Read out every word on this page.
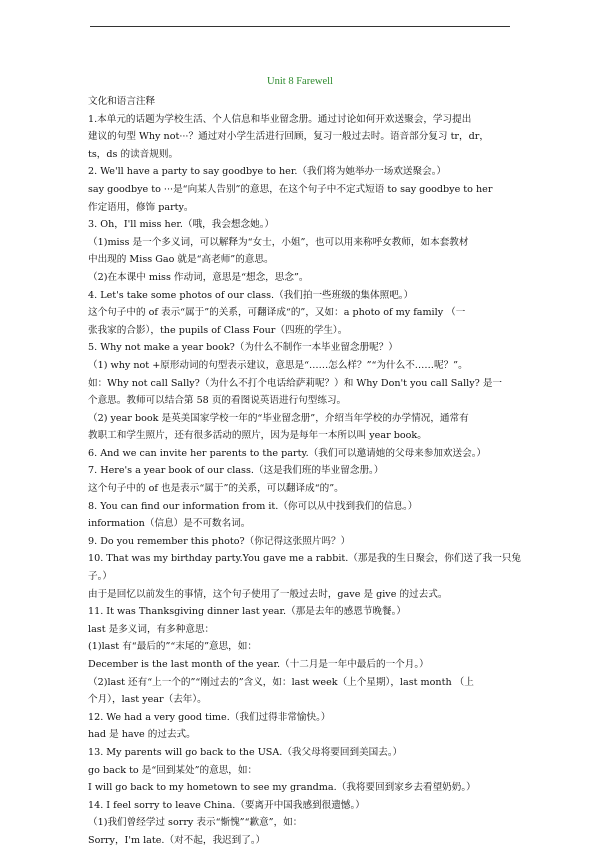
Unit 8 Farewell

文化和语言注释

1.本单元的话题为学校生活、个人信息和毕业留念册。通过讨论如何开欢送聚会，学习提出

建议的句型 Why not···？通过对小学生活进行回顾，复习一般过去时。语音部分复习 tr，dr，

ts，ds 的读音规则。

2. We'll have a party to say goodbye to her.（我们将为她举办一场欢送聚会。）

say goodbye to ···是“向某人告别”的意思，在这个句子中不定式短语 to say goodbye to her

作定语用，修饰 party。

3. Oh，I'll miss her.（哦，我会想念她。）

（1)miss 是一个多义词，可以解释为“女士，小姐”，也可以用来称呼女教师，如本套教材

中出现的 Miss Gao 就是“高老师”的意思。

（2)在本课中 miss 作动词，意思是“想念，思念”。

4. Let's take some photos of our class.（我们拍一些班级的集体照吧。）

这个句子中的 of 表示“属于”的关系，可翻译成“的”，又如：a photo of my family （一

张我家的合影），the pupils of Class Four（四班的学生）。

5. Why not make a year book?（为什么不制作一本毕业留念册呢？）

（1) why not +原形动词的句型表示建议，意思是“……怎么样？”“为什么不……呢？”。

如：Why not call Sally?（为什么不打个电话给萨莉呢？）和 Why Don't you call Sally? 是一

个意思。教师可以结合第 58 页的看图说英语进行句型练习。

（2) year book 是英美国家学校一年的“毕业留念册”，介绍当年学校的办学情况，通常有

教职工和学生照片，还有很多活动的照片，因为是每年一本所以叫 year book。

6. And we can invite her parents to the party.（我们可以邀请她的父母来参加欢送会。）

7. Here's a year book of our class.（这是我们班的毕业留念册。）

这个句子中的 of 也是表示“属于”的关系，可以翻译成“的”。

8. You can find our information from it.（你可以从中找到我们的信息。）

information（信息）是不可数名词。

9. Do you remember this photo?（你记得这张照片吗？）

10. That was my birthday party.You gave me a rabbit.（那是我的生日聚会，你们送了我一只兔

子。）

由于是回忆以前发生的事情，这个句子使用了一般过去时，gave 是 give 的过去式。

11. It was Thanksgiving dinner last year.（那是去年的感恩节晚餐。）

last 是多义词，有多种意思：

(1)last 有“最后的”“末尾的”意思，如：

December is the last month of the year.（十二月是一年中最后的一个月。）

（2)last 还有“上一个的”“刚过去的”含义，如：last week（上个星期），last month （上

个月），last year（去年）。

12. We had a very good time.（我们过得非常愉快。）

had 是 have 的过去式。

13. My parents will go back to the USA.（我父母将要回到美国去。）

go back to 是“回到某处”的意思，如：

I will go back to my hometown to see my grandma.（我将要回到家乡去看望奶奶。）

14. I feel sorry to leave China.（要离开中国我感到很遗憾。）

（1)我们曾经学过 sorry 表示“惭愧”“歉意”，如：

Sorry，I'm late.（对不起，我迟到了。）
